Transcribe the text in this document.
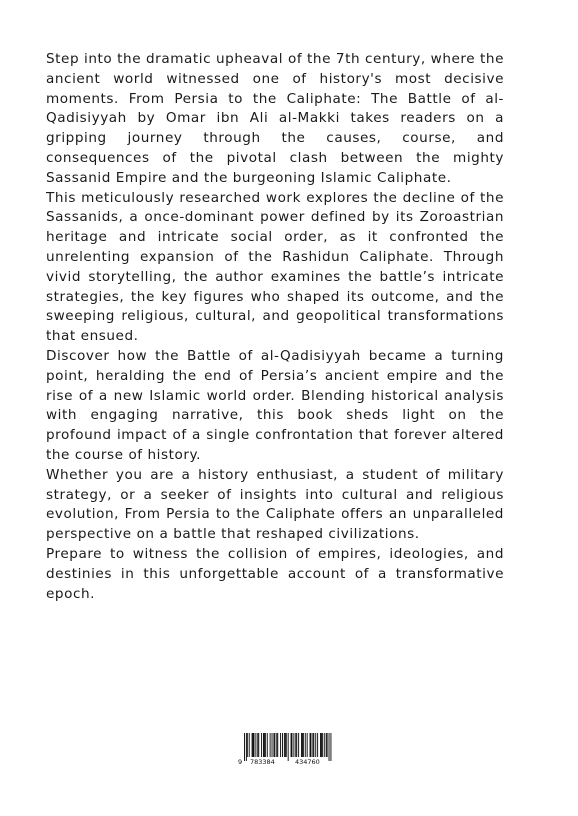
Step into the dramatic upheaval of the 7th century, where the ancient world witnessed one of history's most decisive moments. From Persia to the Caliphate: The Battle of al-Qadisiyyah by Omar ibn Ali al-Makki takes readers on a gripping journey through the causes, course, and consequences of the pivotal clash between the mighty Sassanid Empire and the burgeoning Islamic Caliphate.

This meticulously researched work explores the decline of the Sassanids, a once-dominant power defined by its Zoroastrian heritage and intricate social order, as it confronted the unrelenting expansion of the Rashidun Caliphate. Through vivid storytelling, the author examines the battle’s intricate strategies, the key figures who shaped its outcome, and the sweeping religious, cultural, and geopolitical transformations that ensued.

Discover how the Battle of al-Qadisiyyah became a turning point, heralding the end of Persia’s ancient empire and the rise of a new Islamic world order. Blending historical analysis with engaging narrative, this book sheds light on the profound impact of a single confrontation that forever altered the course of history.

Whether you are a history enthusiast, a student of military strategy, or a seeker of insights into cultural and religious evolution, From Persia to the Caliphate offers an unparalleled perspective on a battle that reshaped civilizations.

Prepare to witness the collision of empires, ideologies, and destinies in this unforgettable account of a transformative epoch.

9 783384	434760
